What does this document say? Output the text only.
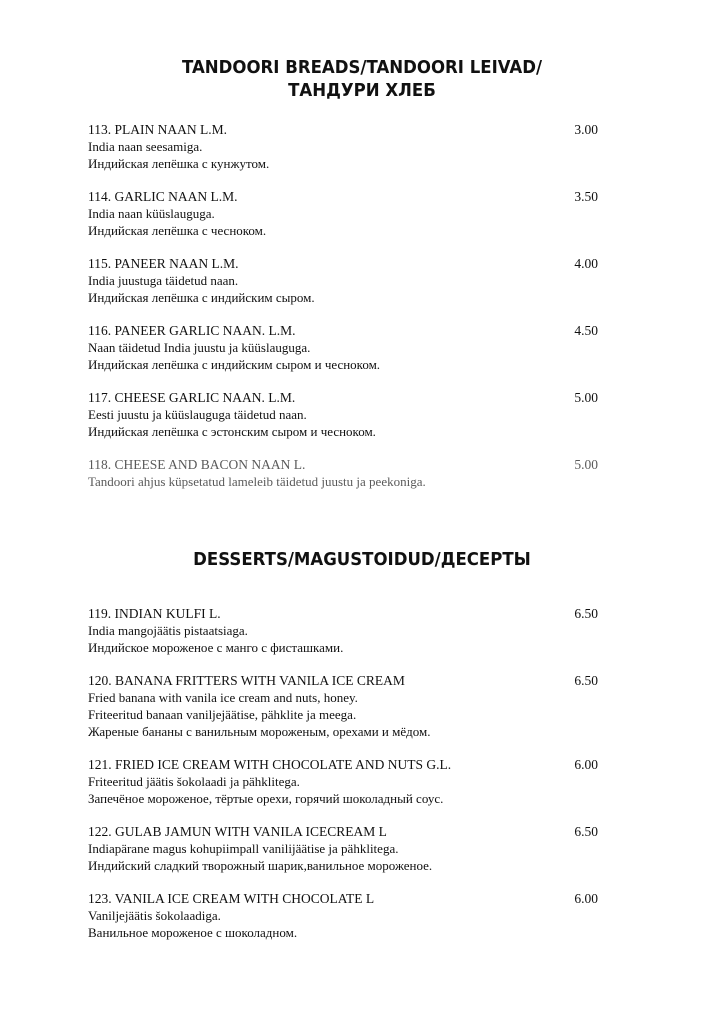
TANDOORI BREADS/TANDOORI LEIVAD/
ТАНДУРИ ХЛЕБ
113. PLAIN NAAN L.M.	3.00
India naan seesamiga.
Индийская лепёшка с кунжутом.
114. GARLIC NAAN L.M.	3.50
India naan küüslauguga.
Индийская лепёшка с чесноком.
115. PANEER NAAN L.M.	4.00
India juustuga täidetud naan.
Индийская лепёшка с индийским сыром.
116. PANEER GARLIC NAAN. L.M.	4.50
Naan täidetud India juustu ja küüslauguga.
Индийская лепёшка с индийским сыром и чесноком.
117. CHEESE GARLIC NAAN. L.M.	5.00
Eesti juustu ja küüslauguga täidetud naan.
Индийская лепёшка с эстонским сыром и чесноком.
118. CHEESE AND BACON NAAN L.	5.00
Tandoori ahjus küpsetatud lameleib täidetud juustu ja peekoniga.
DESSERTS/MAGUSTOIDUD/ДЕСЕРТЫ
119. INDIAN KULFI L.	6.50
India mangojäätis pistaatsiaga.
Индийское мороженое с манго с фисташками.
120. BANANA FRITTERS WITH VANILA ICE CREAM	6.50
Fried banana with vanila ice cream and nuts, honey.
Friteeritud banaan vaniljejäätise, pähklite ja meega.
Жареные бананы с ванильным мороженым, орехами и мёдом.
121. FRIED ICE CREAM WITH CHOCOLATE AND NUTS G.L.	6.00
Friteeritud jäätis šokolaadi ja pähklitega.
Запечёное мороженое, тёртые орехи, горячий шоколадный соус.
122. GULAB JAMUN WITH VANILA ICECREAM L	6.50
Indiapärane magus kohupiimpall vanilijäätise ja pähklitega.
Индийский сладкий творожный шарик,ванильное мороженое.
123. VANILA ICE CREAM WITH CHOCOLATE L	6.00
Vaniljejäätis šokolaadiga.
Ванильное мороженое с шоколадном.
